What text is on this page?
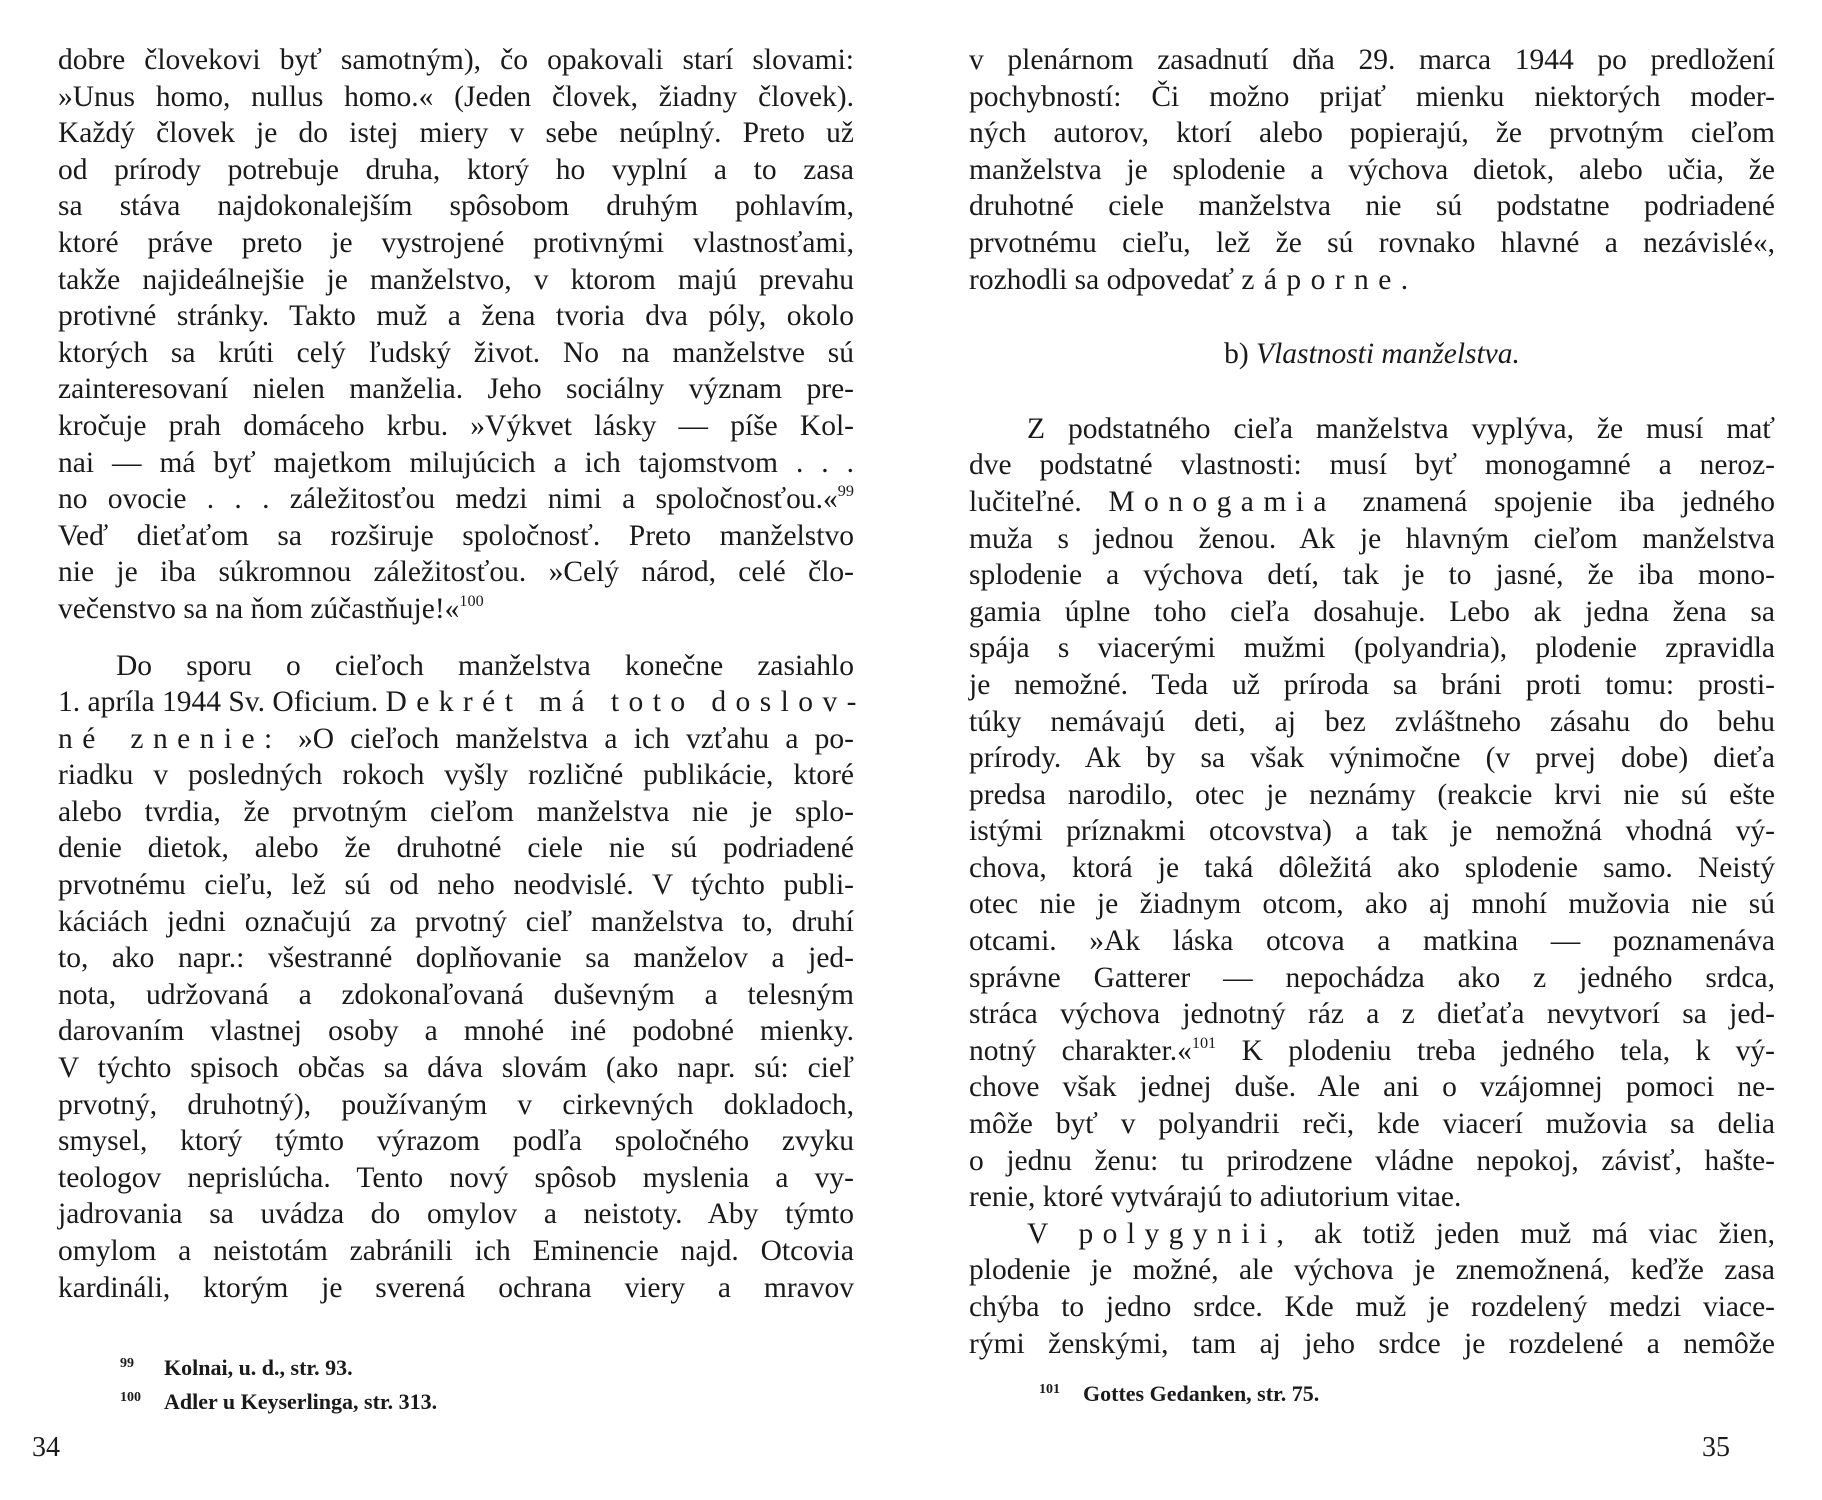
dobre človekovi byť samotným), čo opakovali starí slovami:
»Unus homo, nullus homo.« (Jeden človek, žiadny človek).
Každý človek je do istej miery v sebe neúplný. Preto už
od prírody potrebuje druha, ktorý ho vyplní a to zasa
sa stáva najdokonalejším spôsobom druhým pohlavím,
ktoré práve preto je vystrojené protivnými vlastnosťami,
takže najideálnejšie je manželstvo, v ktorom majú prevahu
protivné stránky. Takto muž a žena tvoria dva póly, okolo
ktorých sa krúti celý ľudský život. No na manželstve sú
zainteresovaní nielen manželia. Jeho sociálny význam pre-
kročuje prah domáceho krbu. »Výkvet lásky — píše Kol-
nai — má byť majetkom milujúcich a ich tajomstvom . . .
no ovocie . . . záležitosťou medzi nimi a spoločnosťou.«$^{99}$
Veď dieťaťom sa rozširuje spoločnosť. Preto manželstvo
nie je iba súkromnou záležitosťou. »Celý národ, celé člo-
večenstvo sa na ňom zúčastňuje!«$^{100}$
Do sporu o cieľoch manželstva konečne zasiahlo
1. apríla 1944 Sv. Oficium. Dekrét má toto doslov-
né znenie: »O cieľoch manželstva a ich vzťahu a po-
riadku v posledných rokoch vyšly rozličné publikácie, ktoré
alebo tvrdia, že prvotným cieľom manželstva nie je splo-
denie dietok, alebo že druhotné ciele nie sú podriadené
prvotnému cieľu, lež sú od neho neodvislé. V týchto publi-
káciách jedni označujú za prvotný cieľ manželstva to, druhí
to, ako napr.: všestranné doplňovanie sa manželov a jed-
nota, udržovaná a zdokonaľovaná duševným a telesným
darovaním vlastnej osoby a mnohé iné podobné mienky.
V týchto spisoch občas sa dáva slovám (ako napr. sú: cieľ
prvotný, druhotný), používaným v cirkevných dokladoch,
smysel, ktorý týmto výrazom podľa spoločného zvyku
teologov neprislúcha. Tento nový spôsob myslenia a vy-
jadrovania sa uvádza do omylov a neistoty. Aby týmto
omylom a neistotám zabránili ich Eminencie najd. Otcovia
kardináli, ktorým je sverená ochrana viery a mravov
99 Kolnai, u. d., str. 93.
100 Adler u Keyserlinga, str. 313.
34
v plenárnom zasadnutí dňa 29. marca 1944 po predložení
pochybností: Či možno prijať mienku niektorých moder-
ných autorov, ktorí alebo popierajú, že prvotným cieľom
manželstva je splodenie a výchova dietok, alebo učia, že
druhotné ciele manželstva nie sú podstatne podriadené
prvotnému cieľu, lež že sú rovnako hlavné a nezávislé«,
rozhodli sa odpovedať záporne.
b) Vlastnosti manželstva.
Z podstatného cieľa manželstva vyplýva, že musí mať
dve podstatné vlastnosti: musí byť monogamné a neroz-
lučiteľné. Monogamia znamená spojenie iba jedného
muža s jednou ženou. Ak je hlavným cieľom manželstva
splodenie a výchova detí, tak je to jasné, že iba mono-
gamia úplne toho cieľa dosahuje. Lebo ak jedna žena sa
spája s viacerými mužmi (polyandria), plodenie zpravidla
je nemožné. Teda už príroda sa bráni proti tomu: prosti-
túky nemávajú deti, aj bez zvláštneho zásahu do behu
prírody. Ak by sa však výnimočne (v prvej dobe) dieťa
predsa narodilo, otec je neznámy (reakcie krvi nie sú ešte
istými príznakmi otcovstva) a tak je nemožná vhodná vý-
chova, ktorá je taká dôležitá ako splodenie samo. Neistý
otec nie je žiadnym otcom, ako aj mnohí mužovia nie sú
otcami. »Ak láska otcova a matkina — poznamenáva
správne Gatterer — nepochádza ako z jedného srdca,
stráca výchova jednotný ráz a z dieťaťa nevytvorí sa jed-
notný charakter.«$^{101}$ K plodeniu treba jedného tela, k vý-
chove však jednej duše. Ale ani o vzájomnej pomoci ne-
môže byť v polyandrii reči, kde viacerí mužovia sa delia
o jednu ženu: tu prirodzene vládne nepokoj, závisť, hašte-
renie, ktoré vytvárajú to adiutorium vitae.
V polygynii, ak totiž jeden muž má viac žien,
plodenie je možné, ale výchova je znemožnená, keďže zasa
chýba to jedno srdce. Kde muž je rozdelený medzi viace-
rými ženskými, tam aj jeho srdce je rozdelené a nemôže
101 Gottes Gedanken, str. 75.
35
